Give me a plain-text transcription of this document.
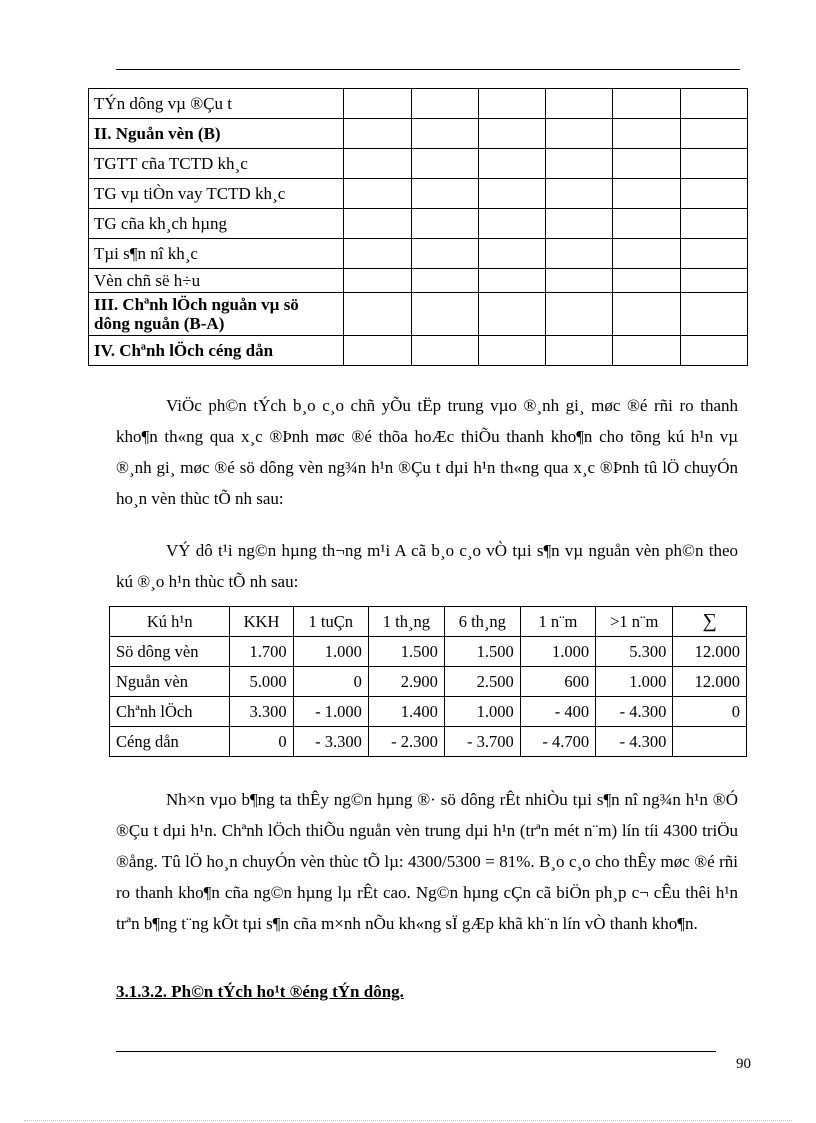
TÝn dông vµ ®Çu t						
II. Nguån vèn (B)						
TGTT cña TCTD kh¸c						
TG vµ tiÒn vay TCTD kh¸c						
TG cña kh¸ch hµng						
Tµi s¶n nî kh¸c						
Vèn chñ së h÷u						
III. Chªnh lÖch nguån vµ sö dông nguån (B-A)						
IV. Chªnh lÖch céng dån						

ViÖc ph©n tÝch b¸o c¸o chñ yÕu tËp trung vµo ®¸nh gi¸ møc ®é rñi ro thanh kho¶n th«ng qua x¸c ®Þnh møc ®é thõa hoÆc thiÕu thanh kho¶n cho tõng kú h¹n vµ ®¸nh gi¸ møc ®é sö dông vèn ng¾n h¹n ®Çu t dµi h¹n th«ng qua x¸c ®Þnh tû lÖ chuyÓn ho¸n vèn thùc tÕ nh sau:

VÝ dô t¹i ng©n hµng th¬ng m¹i A cã b¸o c¸o vÒ tµi s¶n vµ nguån vèn ph©n theo kú ®¸o h¹n thùc tÕ nh sau:

Kú h¹n	KKH	1 tuÇn	1 th¸ng	6 th¸ng	1 n¨m	>1 n¨m	∑
Sö dông vèn	1.700	1.000	1.500	1.500	1.000	5.300	12.000
Nguån vèn	5.000	0	2.900	2.500	600	1.000	12.000
Chªnh lÖch	3.300	- 1.000	1.400	1.000	- 400	- 4.300	0
Céng dån	0	- 3.300	- 2.300	- 3.700	- 4.700	- 4.300	

Nh×n vµo b¶ng ta thÊy ng©n hµng ®· sö dông rÊt nhiÒu tµi s¶n nî ng¾n h¹n ®Ó ®Çu t dµi h¹n. Chªnh lÖch thiÕu nguån vèn trung dµi h¹n (trªn mét n¨m) lín tíi 4300 triÖu ®ång. Tû lÖ ho¸n chuyÓn vèn thùc tÕ lµ: 4300/5300 = 81%. B¸o c¸o cho thÊy møc ®é rñi ro thanh kho¶n cña ng©n hµng lµ rÊt cao. Ng©n hµng cÇn cã biÖn ph¸p c¬ cÊu thêi h¹n trªn b¶ng t¨ng kÕt tµi s¶n cña m×nh nÕu kh«ng sÏ gÆp khã kh¨n lín vÒ thanh kho¶n.

3.1.3.2. Ph©n tÝch ho¹t ®éng tÝn dông.
90
